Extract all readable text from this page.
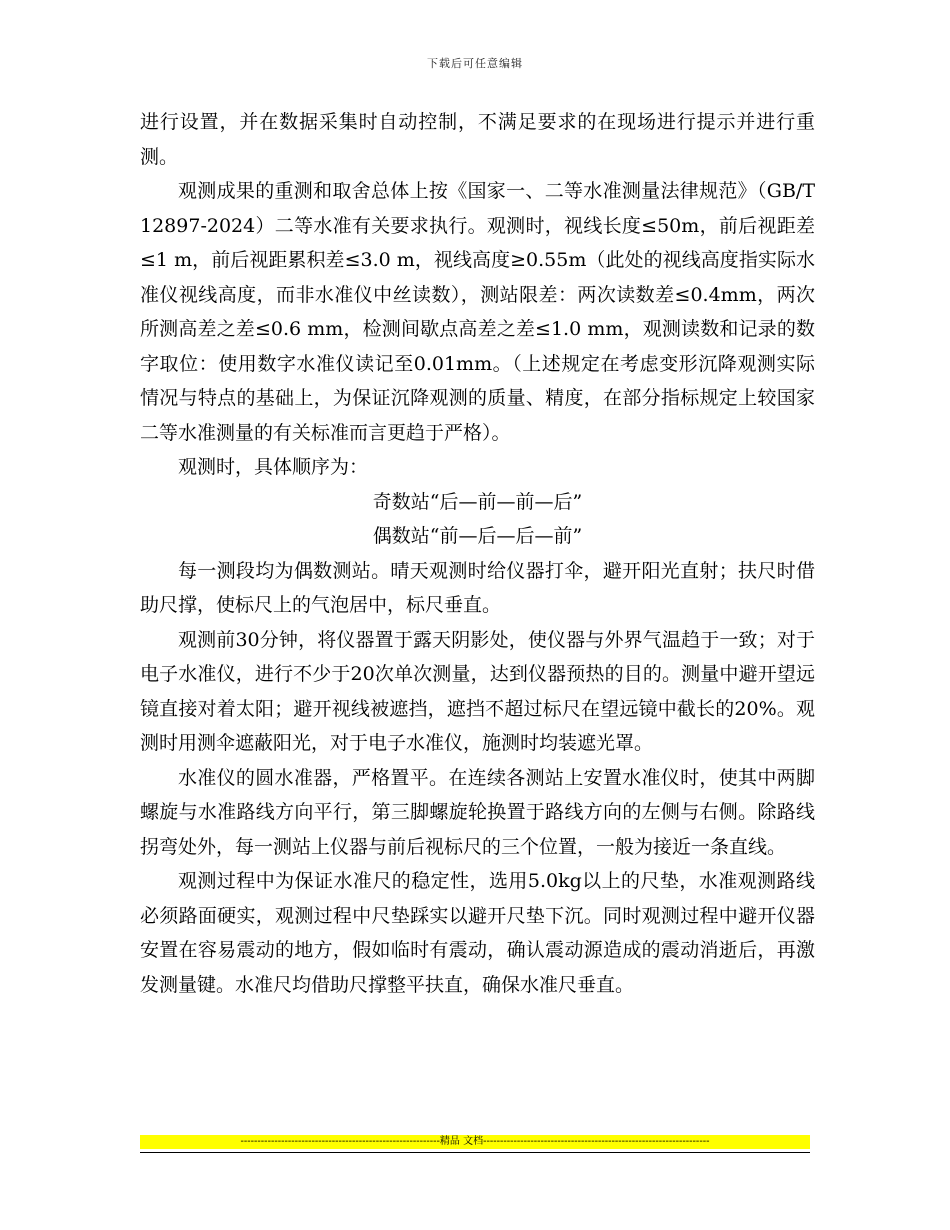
下载后可任意编辑

进行设置，并在数据采集时自动控制，不满足要求的在现场进行提示并进行重测。

观测成果的重测和取舍总体上按《国家一、二等水准测量法律规范》（GB/T 12897-2024）二等水准有关要求执行。观测时，视线长度≤50m，前后视距差≤1 m，前后视距累积差≤3.0 m，视线高度≥0.55m（此处的视线高度指实际水准仪视线高度，而非水准仪中丝读数），测站限差：两次读数差≤0.4mm，两次所测高差之差≤0.6 mm，检测间歇点高差之差≤1.0 mm，观测读数和记录的数字取位：使用数字水准仪读记至0.01mm。（上述规定在考虑变形沉降观测实际情况与特点的基础上，为保证沉降观测的质量、精度，在部分指标规定上较国家二等水准测量的有关标准而言更趋于严格）。

观测时，具体顺序为：

奇数站“后—前—前—后”

偶数站“前—后—后—前”

每一测段均为偶数测站。晴天观测时给仪器打伞，避开阳光直射；扶尺时借助尺撑，使标尺上的气泡居中，标尺垂直。

观测前30分钟，将仪器置于露天阴影处，使仪器与外界气温趋于一致；对于电子水准仪，进行不少于20次单次测量，达到仪器预热的目的。测量中避开望远镜直接对着太阳；避开视线被遮挡，遮挡不超过标尺在望远镜中截长的20%。观测时用测伞遮蔽阳光，对于电子水准仪，施测时均装遮光罩。

水准仪的圆水准器，严格置平。在连续各测站上安置水准仪时，使其中两脚螺旋与水准路线方向平行，第三脚螺旋轮换置于路线方向的左侧与右侧。除路线拐弯处外，每一测站上仪器与前后视标尺的三个位置，一般为接近一条直线。

观测过程中为保证水准尺的稳定性，选用5.0kg以上的尺垫，水准观测路线必须路面硬实，观测过程中尺垫踩实以避开尺垫下沉。同时观测过程中避开仪器安置在容易震动的地方，假如临时有震动，确认震动源造成的震动消逝后，再激发测量键。水准尺均借助尺撑整平扶直，确保水准尺垂直。

-----------------------------------------------------------精品 文档-------------------------------------------------------------------
